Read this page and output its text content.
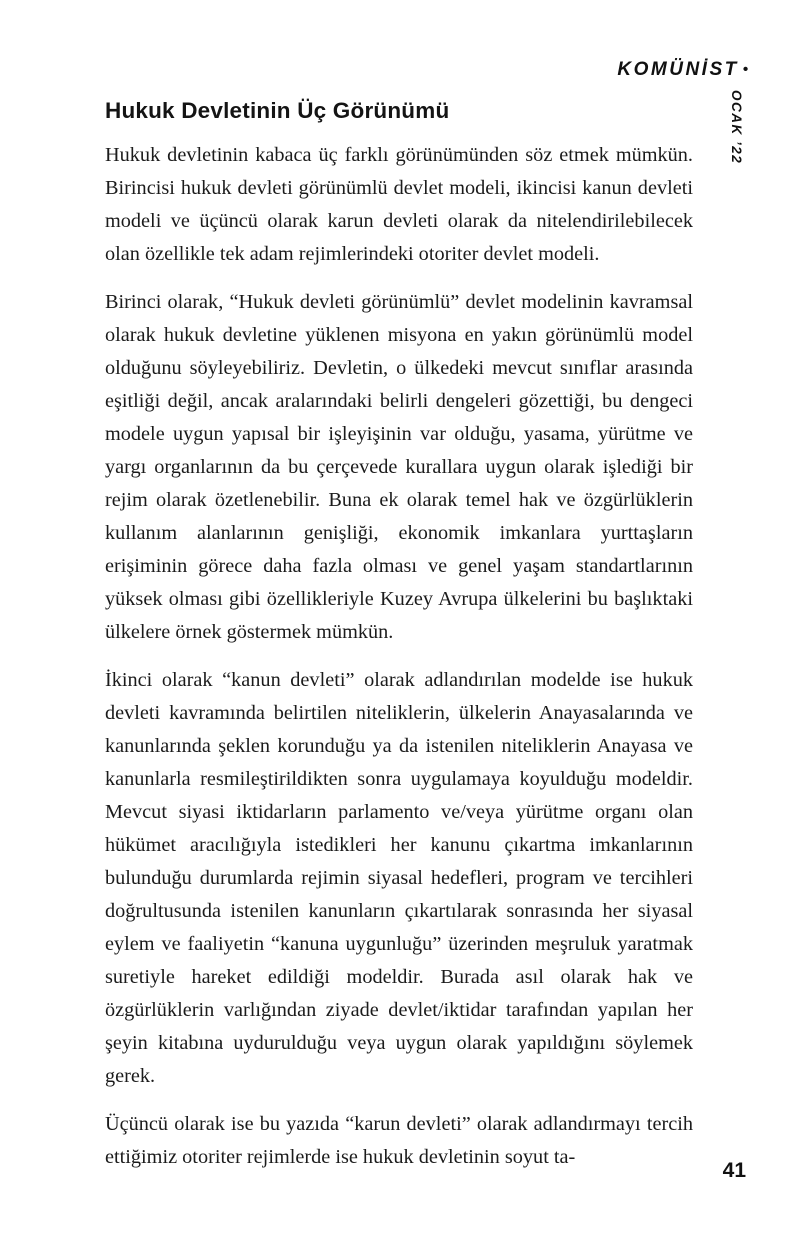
KOMÜNİST •
OCAK ’22
Hukuk Devletinin Üç Görünümü

Hukuk devletinin kabaca üç farklı görünümünden söz etmek mümkün. Birincisi hukuk devleti görünümlü devlet modeli, ikincisi kanun devleti modeli ve üçüncü olarak karun devleti olarak da nitelendirilebilecek olan özellikle tek adam rejimlerindeki otoriter devlet modeli.

Birinci olarak, “Hukuk devleti görünümlü” devlet modelinin kavramsal olarak hukuk devletine yüklenen misyona en yakın görünümlü model olduğunu söyleyebiliriz. Devletin, o ülkedeki mevcut sınıflar arasında eşitliği değil, ancak aralarındaki belirli dengeleri gözettiği, bu dengeci modele uygun yapısal bir işleyişinin var olduğu, yasama, yürütme ve yargı organlarının da bu çerçevede kurallara uygun olarak işlediği bir rejim olarak özetlenebilir. Buna ek olarak temel hak ve özgürlüklerin kullanım alanlarının genişliği, ekonomik imkanlara yurttaşların erişiminin görece daha fazla olması ve genel yaşam standartlarının yüksek olması gibi özellikleriyle Kuzey Avrupa ülkelerini bu başlıktaki ülkelere örnek göstermek mümkün.

İkinci olarak “kanun devleti” olarak adlandırılan modelde ise hukuk devleti kavramında belirtilen niteliklerin, ülkelerin Anayasalarında ve kanunlarında şeklen korunduğu ya da istenilen niteliklerin Anayasa ve kanunlarla resmileştirildikten sonra uygulamaya koyulduğu modeldir. Mevcut siyasi iktidarların parlamento ve/veya yürütme organı olan hükümet aracılığıyla istedikleri her kanunu çıkartma imkanlarının bulunduğu durumlarda rejimin siyasal hedefleri, program ve tercihleri doğrultusunda istenilen kanunların çıkartılarak sonrasında her siyasal eylem ve faaliyetin “kanuna uygunluğu” üzerinden meşruluk yaratmak suretiyle hareket edildiği modeldir. Burada asıl olarak hak ve özgürlüklerin varlığından ziyade devlet/iktidar tarafından yapılan her şeyin kitabına uydurulduğu veya uygun olarak yapıldığını söylemek gerek.

Üçüncü olarak ise bu yazıda “karun devleti” olarak adlandırmayı tercih ettiğimiz otoriter rejimlerde ise hukuk devletinin soyut ta-

41
